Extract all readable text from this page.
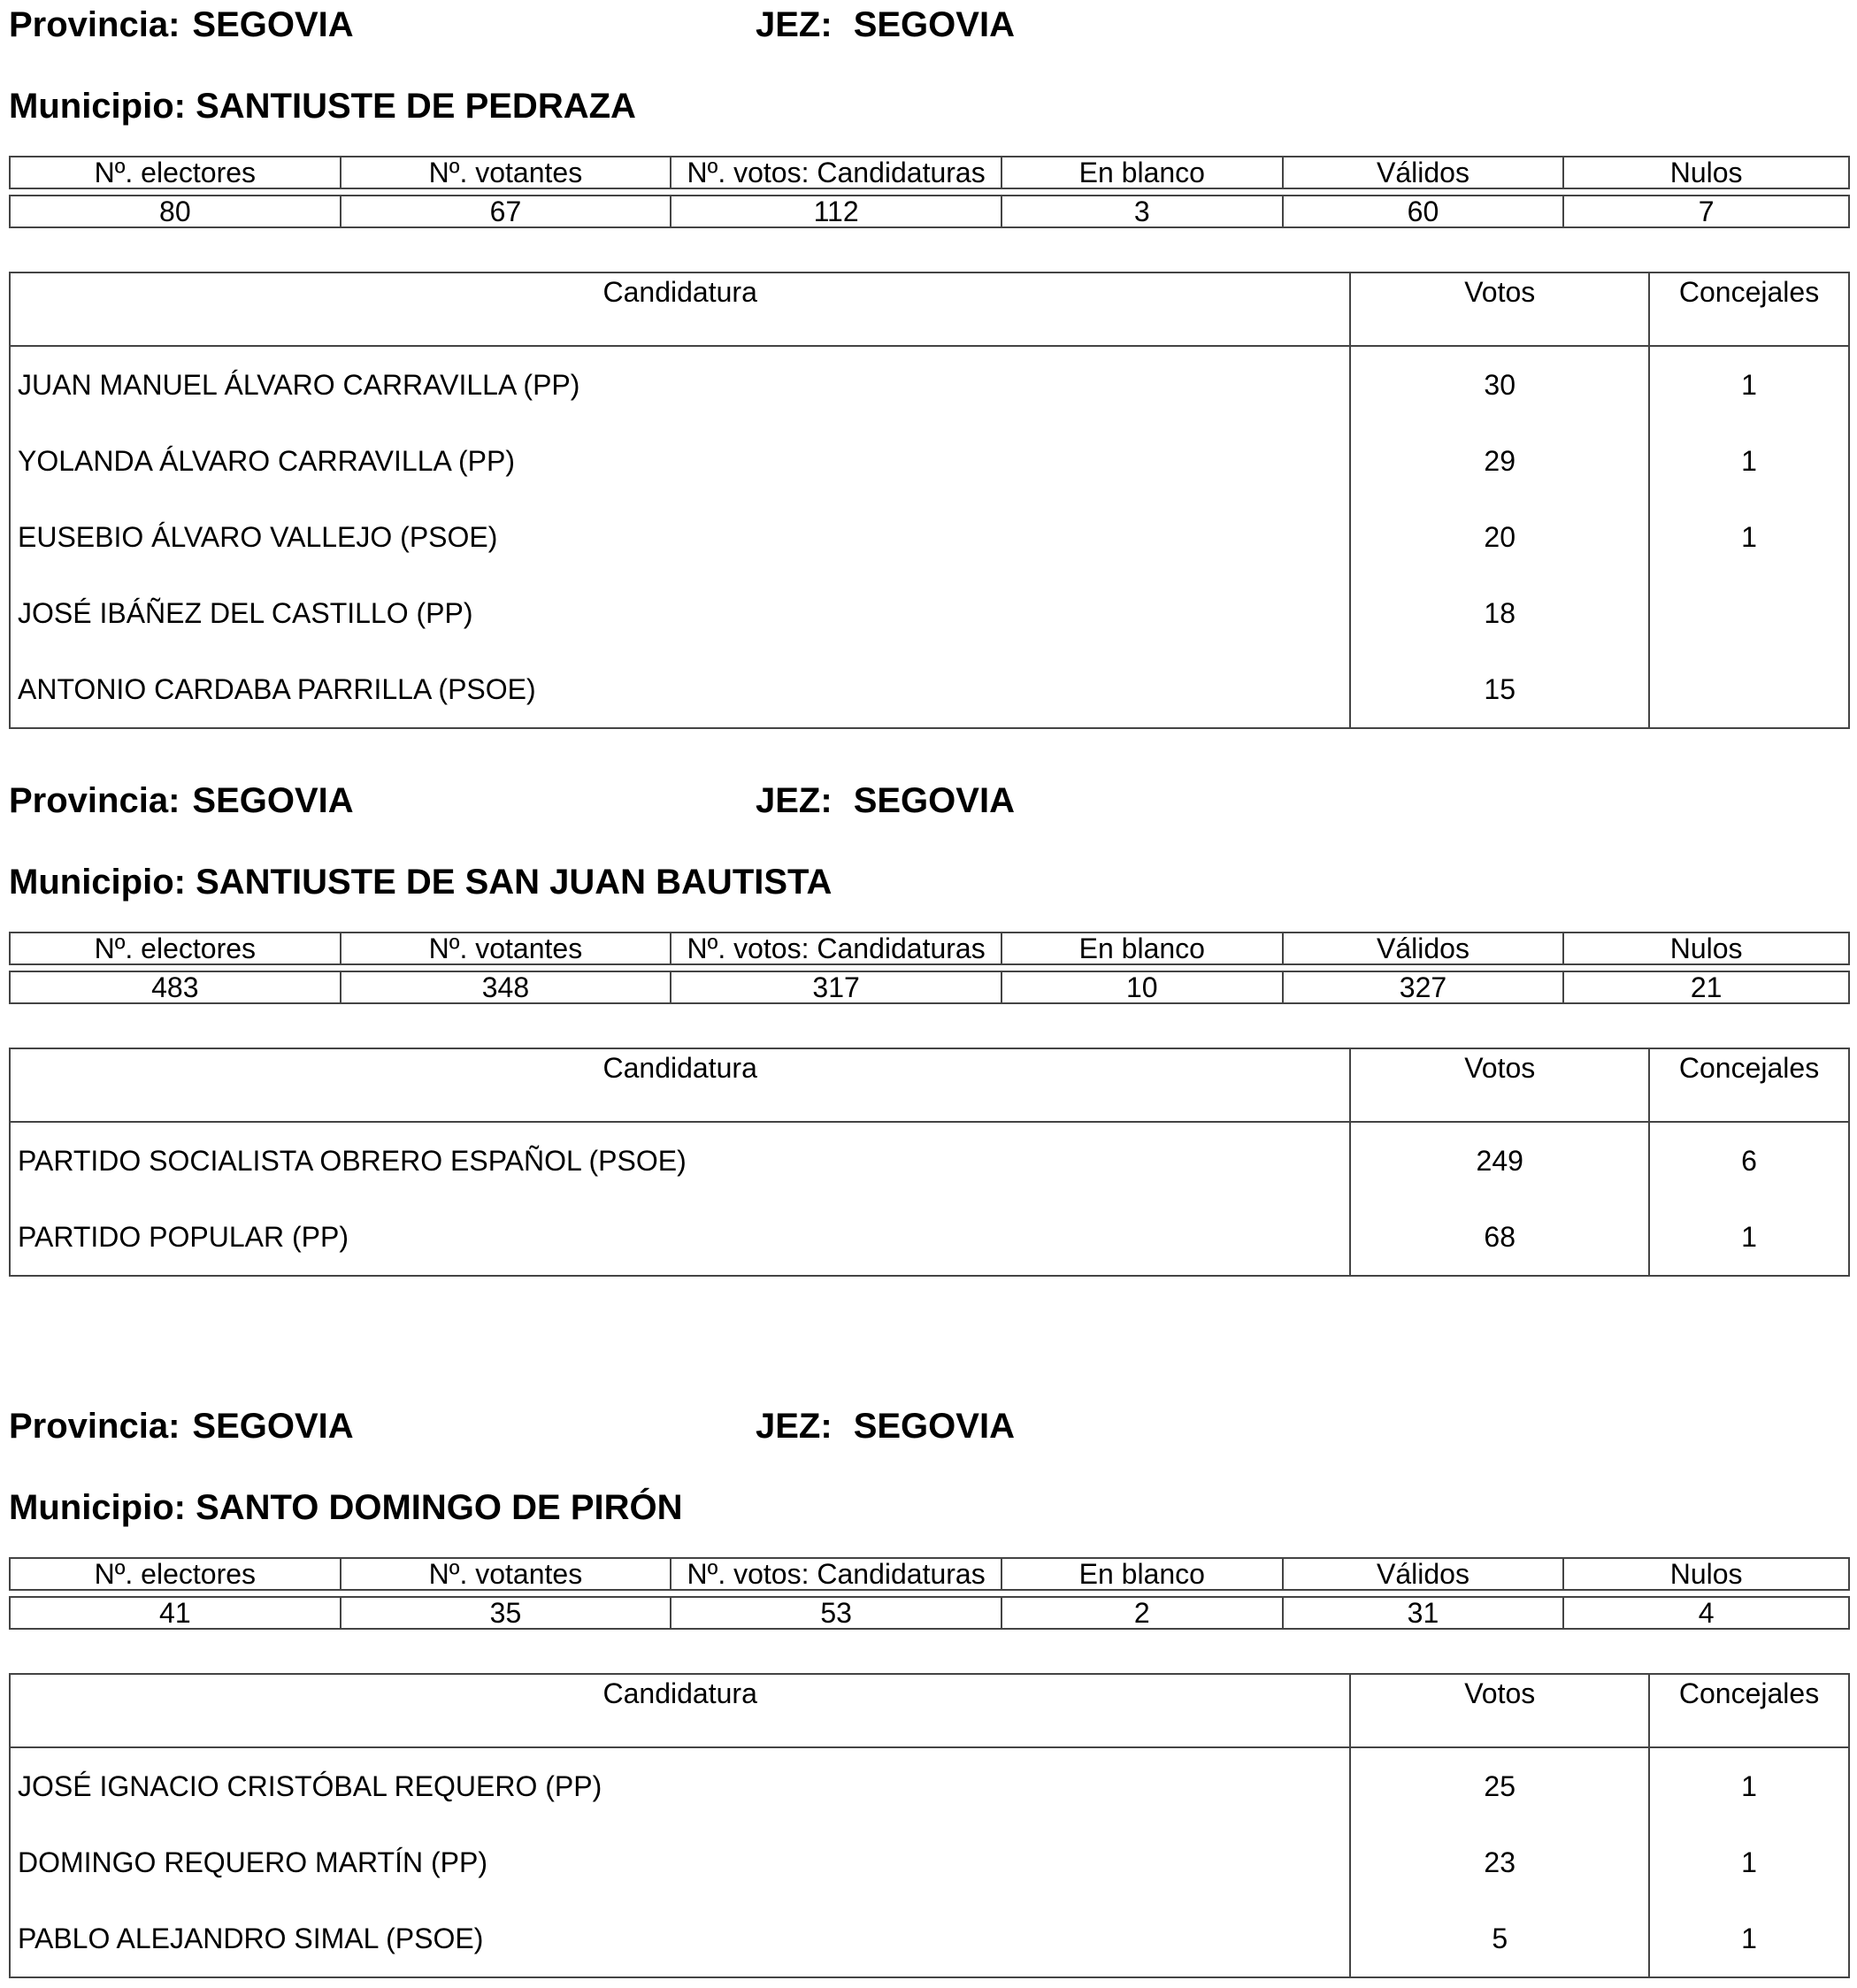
Provincia: SEGOVIA	JEZ: SEGOVIA
Municipio: SANTIUSTE DE PEDRAZA
Nº. electores	Nº. votantes	Nº. votos: Candidaturas	En blanco	Válidos	Nulos

80	67	112	3	60	7
Candidatura	Votos	Concejales
JUAN MANUEL ÁLVARO CARRAVILLA (PP)	30	1
YOLANDA ÁLVARO CARRAVILLA (PP)	29	1
EUSEBIO ÁLVARO VALLEJO (PSOE)	20	1
JOSÉ IBÁÑEZ DEL CASTILLO (PP)	18	
ANTONIO CARDABA PARRILLA (PSOE)	15	
Provincia: SEGOVIA	JEZ: SEGOVIA
Municipio: SANTIUSTE DE SAN JUAN BAUTISTA
Nº. electores	Nº. votantes	Nº. votos: Candidaturas	En blanco	Válidos	Nulos

483	348	317	10	327	21
Candidatura	Votos	Concejales
PARTIDO SOCIALISTA OBRERO ESPAÑOL (PSOE)	249	6
PARTIDO POPULAR (PP)	68	1
Provincia: SEGOVIA	JEZ: SEGOVIA
Municipio: SANTO DOMINGO DE PIRÓN
Nº. electores	Nº. votantes	Nº. votos: Candidaturas	En blanco	Válidos	Nulos

41	35	53	2	31	4
Candidatura	Votos	Concejales
JOSÉ IGNACIO CRISTÓBAL REQUERO (PP)	25	1
DOMINGO REQUERO MARTÍN (PP)	23	1
PABLO ALEJANDRO SIMAL (PSOE)	5	1
